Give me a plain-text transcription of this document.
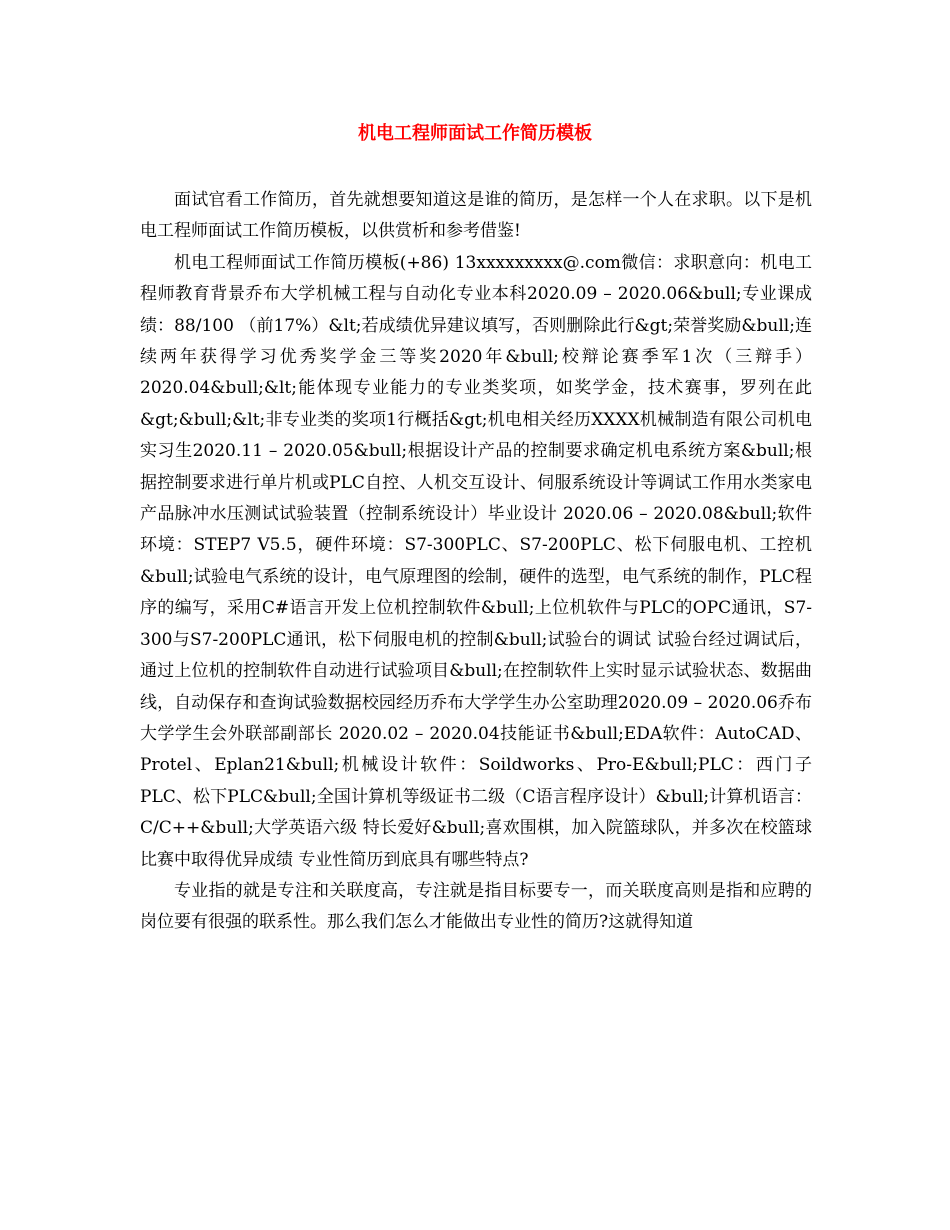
机电工程师面试工作简历模板

面试官看工作简历，首先就想要知道这是谁的简历，是怎样一个人在求职。以下是机电工程师面试工作简历模板，以供赏析和参考借鉴!

机电工程师面试工作简历模板(+86) 13xxxxxxxxx@.com微信：求职意向：机电工程师教育背景乔布大学机械工程与自动化专业本科2020.09 – 2020.06&bull;专业课成绩：88/100 （前17%）&lt;若成绩优异建议填写，否则删除此行&gt;荣誉奖励&bull;连续两年获得学习优秀奖学金三等奖2020年&bull;校辩论赛季军1次（三辩手） 2020.04&bull;&lt;能体现专业能力的专业类奖项，如奖学金，技术赛事，罗列在此&gt;&bull;&lt;非专业类的奖项1行概括&gt;机电相关经历XXXX机械制造有限公司机电实习生2020.11 – 2020.05&bull;根据设计产品的控制要求确定机电系统方案&bull;根据控制要求进行单片机或PLC自控、人机交互设计、伺服系统设计等调试工作用水类家电产品脉冲水压测试试验装置（控制系统设计）毕业设计 2020.06 – 2020.08&bull;软件环境：STEP7 V5.5，硬件环境：S7-300PLC、S7-200PLC、松下伺服电机、工控机&bull;试验电气系统的设计，电气原理图的绘制，硬件的选型，电气系统的制作，PLC程序的编写，采用C#语言开发上位机控制软件&bull;上位机软件与PLC的OPC通讯，S7-300与S7-200PLC通讯，松下伺服电机的控制&bull;试验台的调试 试验台经过调试后，通过上位机的控制软件自动进行试验项目&bull;在控制软件上实时显示试验状态、数据曲线，自动保存和查询试验数据校园经历乔布大学学生办公室助理2020.09 – 2020.06乔布大学学生会外联部副部长 2020.02 – 2020.04技能证书&bull;EDA软件：AutoCAD、Protel、Eplan21&bull;机械设计软件：Soildworks、Pro-E&bull;PLC：西门子PLC、松下PLC&bull;全国计算机等级证书二级（C语言程序设计）&bull;计算机语言：C/C++&bull;大学英语六级 特长爱好&bull;喜欢围棋，加入院篮球队，并多次在校篮球比赛中取得优异成绩 专业性简历到底具有哪些特点?

专业指的就是专注和关联度高，专注就是指目标要专一，而关联度高则是指和应聘的岗位要有很强的联系性。那么我们怎么才能做出专业性的简历?这就得知道
